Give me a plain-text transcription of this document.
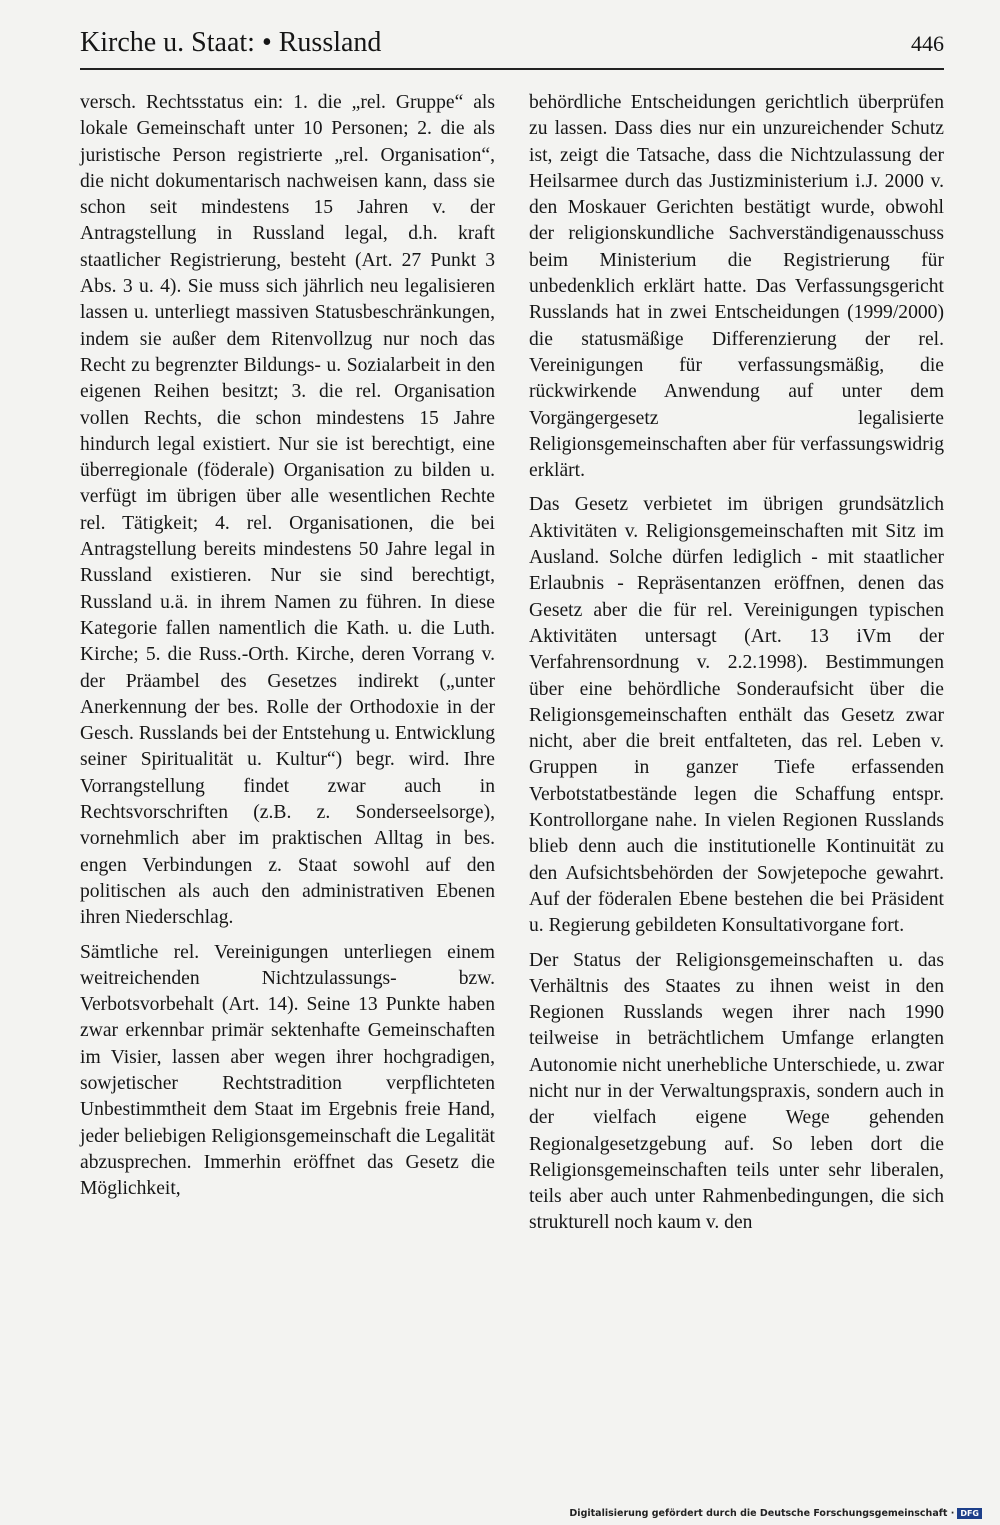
Kirche u. Staat: • Russland	446

versch. Rechtsstatus ein: 1. die „rel. Gruppe“ als lokale Gemeinschaft unter 10 Personen; 2. die als juristische Person registrierte „rel. Organisation“, die nicht dokumentarisch nachweisen kann, dass sie schon seit mindestens 15 Jahren v. der Antragstellung in Russland legal, d.h. kraft staatlicher Registrierung, besteht (Art. 27 Punkt 3 Abs. 3 u. 4). Sie muss sich jährlich neu legalisieren lassen u. unterliegt massiven Statusbeschränkungen, indem sie außer dem Ritenvollzug nur noch das Recht zu begrenzter Bildungs- u. Sozialarbeit in den eigenen Reihen besitzt; 3. die rel. Organisation vollen Rechts, die schon mindestens 15 Jahre hindurch legal existiert. Nur sie ist berechtigt, eine überregionale (föderale) Organisation zu bilden u. verfügt im übrigen über alle wesentlichen Rechte rel. Tätigkeit; 4. rel. Organisationen, die bei Antragstellung bereits mindestens 50 Jahre legal in Russland existieren. Nur sie sind berechtigt, Russland u.ä. in ihrem Namen zu führen. In diese Kategorie fallen namentlich die Kath. u. die Luth. Kirche; 5. die Russ.-Orth. Kirche, deren Vorrang v. der Präambel des Gesetzes indirekt („unter Anerkennung der bes. Rolle der Orthodoxie in der Gesch. Russlands bei der Entstehung u. Entwicklung seiner Spiritualität u. Kultur“) begr. wird. Ihre Vorrangstellung findet zwar auch in Rechtsvorschriften (z.B. z. Sonderseelsorge), vornehmlich aber im praktischen Alltag in bes. engen Verbindungen z. Staat sowohl auf den politischen als auch den administrativen Ebenen ihren Niederschlag.

Sämtliche rel. Vereinigungen unterliegen einem weitreichenden Nichtzulassungs- bzw. Verbotsvorbehalt (Art. 14). Seine 13 Punkte haben zwar erkennbar primär sektenhafte Gemeinschaften im Visier, lassen aber wegen ihrer hochgradigen, sowjetischer Rechtstradition verpflichteten Unbestimmtheit dem Staat im Ergebnis freie Hand, jeder beliebigen Religionsgemeinschaft die Legalität abzusprechen. Immerhin eröffnet das Gesetz die Möglichkeit,

behördliche Entscheidungen gerichtlich überprüfen zu lassen. Dass dies nur ein unzureichender Schutz ist, zeigt die Tatsache, dass die Nichtzulassung der Heilsarmee durch das Justizministerium i.J. 2000 v. den Moskauer Gerichten bestätigt wurde, obwohl der religionskundliche Sachverständigenausschuss beim Ministerium die Registrierung für unbedenklich erklärt hatte. Das Verfassungsgericht Russlands hat in zwei Entscheidungen (1999/2000) die statusmäßige Differenzierung der rel. Vereinigungen für verfassungsmäßig, die rückwirkende Anwendung auf unter dem Vorgängergesetz legalisierte Religionsgemeinschaften aber für verfassungswidrig erklärt.

Das Gesetz verbietet im übrigen grundsätzlich Aktivitäten v. Religionsgemeinschaften mit Sitz im Ausland. Solche dürfen lediglich - mit staatlicher Erlaubnis - Repräsentanzen eröffnen, denen das Gesetz aber die für rel. Vereinigungen typischen Aktivitäten untersagt (Art. 13 iVm der Verfahrensordnung v. 2.2.1998). Bestimmungen über eine behördliche Sonderaufsicht über die Religionsgemeinschaften enthält das Gesetz zwar nicht, aber die breit entfalteten, das rel. Leben v. Gruppen in ganzer Tiefe erfassenden Verbotstatbestände legen die Schaffung entspr. Kontrollorgane nahe. In vielen Regionen Russlands blieb denn auch die institutionelle Kontinuität zu den Aufsichtsbehörden der Sowjetepoche gewahrt. Auf der föderalen Ebene bestehen die bei Präsident u. Regierung gebildeten Konsultativorgane fort.

Der Status der Religionsgemeinschaften u. das Verhältnis des Staates zu ihnen weist in den Regionen Russlands wegen ihrer nach 1990 teilweise in beträchtlichem Umfange erlangten Autonomie nicht unerhebliche Unterschiede, u. zwar nicht nur in der Verwaltungspraxis, sondern auch in der vielfach eigene Wege gehenden Regionalgesetzgebung auf. So leben dort die Religionsgemeinschaften teils unter sehr liberalen, teils aber auch unter Rahmenbedingungen, die sich strukturell noch kaum v. den

Digitalisierung gefördert durch die Deutsche Forschungsgemeinschaft · DFG
